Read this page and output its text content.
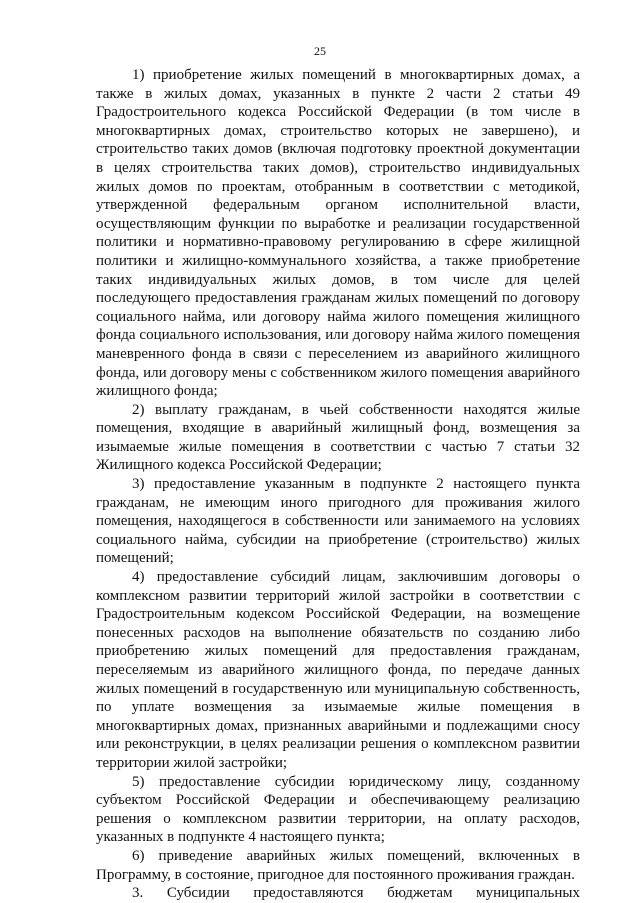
25

1) приобретение жилых помещений в многоквартирных домах, а также в жилых домах, указанных в пункте 2 части 2 статьи 49 Градостроительного кодекса Российской Федерации (в том числе в многоквартирных домах, строительство которых не завершено), и строительство таких домов (включая подготовку проектной документации в целях строительства таких домов), строительство индивидуальных жилых домов по проектам, отобранным в соответствии с методикой, утвержденной федеральным органом исполнительной власти, осуществляющим функции по выработке и реализации государственной политики и нормативно-правовому регулированию в сфере жилищной политики и жилищно-коммунального хозяйства, а также приобретение таких индивидуальных жилых домов, в том числе для целей последующего предоставления гражданам жилых помещений по договору социального найма, или договору найма жилого помещения жилищного фонда социального использования, или договору найма жилого помещения маневренного фонда в связи с переселением из аварийного жилищного фонда, или договору мены с собственником жилого помещения аварийного жилищного фонда;

2) выплату гражданам, в чьей собственности находятся жилые помещения, входящие в аварийный жилищный фонд, возмещения за изымаемые жилые помещения в соответствии с частью 7 статьи 32 Жилищного кодекса Российской Федерации;

3) предоставление указанным в подпункте 2 настоящего пункта гражданам, не имеющим иного пригодного для проживания жилого помещения, находящегося в собственности или занимаемого на условиях социального найма, субсидии на приобретение (строительство) жилых помещений;

4) предоставление субсидий лицам, заключившим договоры о комплексном развитии территорий жилой застройки в соответствии с Градостроительным кодексом Российской Федерации, на возмещение понесенных расходов на выполнение обязательств по созданию либо приобретению жилых помещений для предоставления гражданам, переселяемым из аварийного жилищного фонда, по передаче данных жилых помещений в государственную или муниципальную собственность, по уплате возмещения за изымаемые жилые помещения в многоквартирных домах, признанных аварийными и подлежащими сносу или реконструкции, в целях реализации решения о комплексном развитии территории жилой застройки;

5) предоставление субсидии юридическому лицу, созданному субъектом Российской Федерации и обеспечивающему реализацию решения о комплексном развитии территории, на оплату расходов, указанных в подпункте 4 настоящего пункта;

6) приведение аварийных жилых помещений, включенных в Программу, в состояние, пригодное для постоянного проживания граждан.

3. Субсидии предоставляются бюджетам муниципальных
